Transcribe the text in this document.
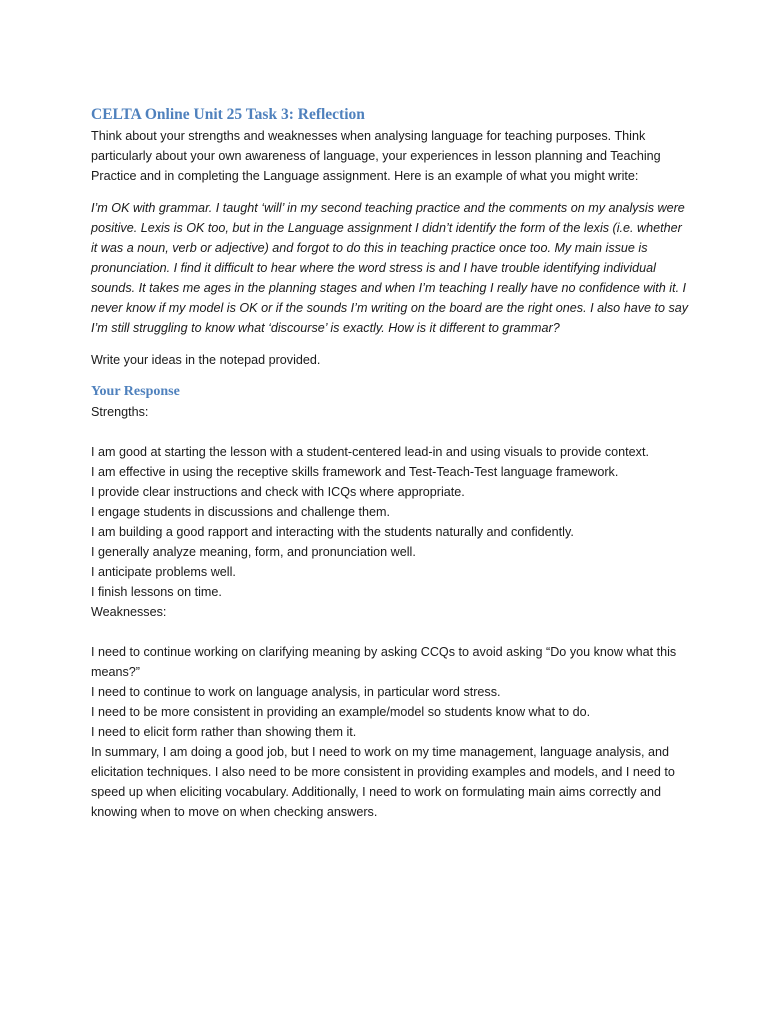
CELTA Online Unit 25 Task 3: Reflection

Think about your strengths and weaknesses when analysing language for teaching purposes. Think particularly about your own awareness of language, your experiences in lesson planning and Teaching Practice and in completing the Language assignment. Here is an example of what you might write:

I’m OK with grammar. I taught ‘will’ in my second teaching practice and the comments on my analysis were positive. Lexis is OK too, but in the Language assignment I didn’t identify the form of the lexis (i.e. whether it was a noun, verb or adjective) and forgot to do this in teaching practice once too. My main issue is pronunciation. I find it difficult to hear where the word stress is and I have trouble identifying individual sounds. It takes me ages in the planning stages and when I’m teaching I really have no confidence with it. I never know if my model is OK or if the sounds I’m writing on the board are the right ones. I also have to say I’m still struggling to know what ‘discourse’ is exactly. How is it different to grammar?

Write your ideas in the notepad provided.

Your Response

Strengths:

I am good at starting the lesson with a student-centered lead-in and using visuals to provide context.

I am effective in using the receptive skills framework and Test-Teach-Test language framework.

I provide clear instructions and check with ICQs where appropriate.

I engage students in discussions and challenge them.

I am building a good rapport and interacting with the students naturally and confidently.

I generally analyze meaning, form, and pronunciation well.

I anticipate problems well.

I finish lessons on time.

Weaknesses:

I need to continue working on clarifying meaning by asking CCQs to avoid asking “Do you know what this means?”

I need to continue to work on language analysis, in particular word stress.

I need to be more consistent in providing an example/model so students know what to do.

I need to elicit form rather than showing them it.

In summary, I am doing a good job, but I need to work on my time management, language analysis, and elicitation techniques. I also need to be more consistent in providing examples and models, and I need to speed up when eliciting vocabulary. Additionally, I need to work on formulating main aims correctly and knowing when to move on when checking answers.
